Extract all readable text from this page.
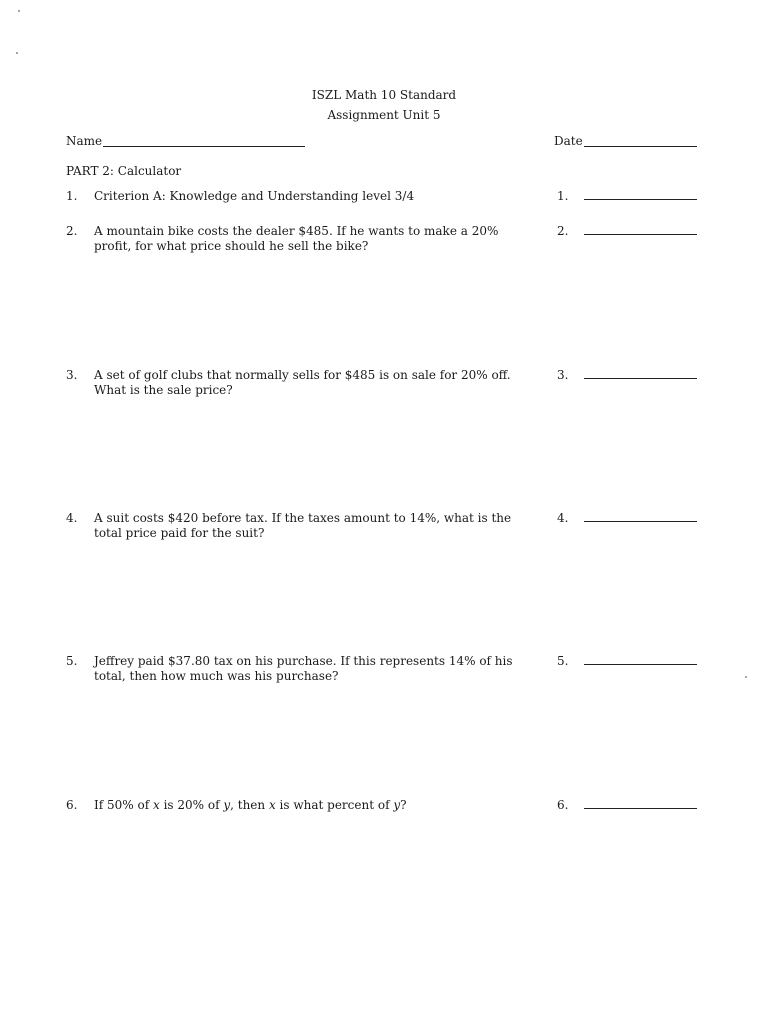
ISZL Math 10 Standard
Assignment Unit 5
Name	Date
PART 2: Calculator
1. Criterion A: Knowledge and Understanding level 3/4	1.
2. A mountain bike costs the dealer $485. If he wants to make a 20% profit, for what price should he sell the bike?
2.
3. A set of golf clubs that normally sells for $485 is on sale for 20% off. What is the sale price?
3.
4. A suit costs $420 before tax. If the taxes amount to 14%, what is the total price paid for the suit?
4.
5. Jeffrey paid $37.80 tax on his purchase. If this represents 14% of his total, then how much was his purchase?
5.
6. If 50% of x is 20% of y, then x is what percent of y?	6.
